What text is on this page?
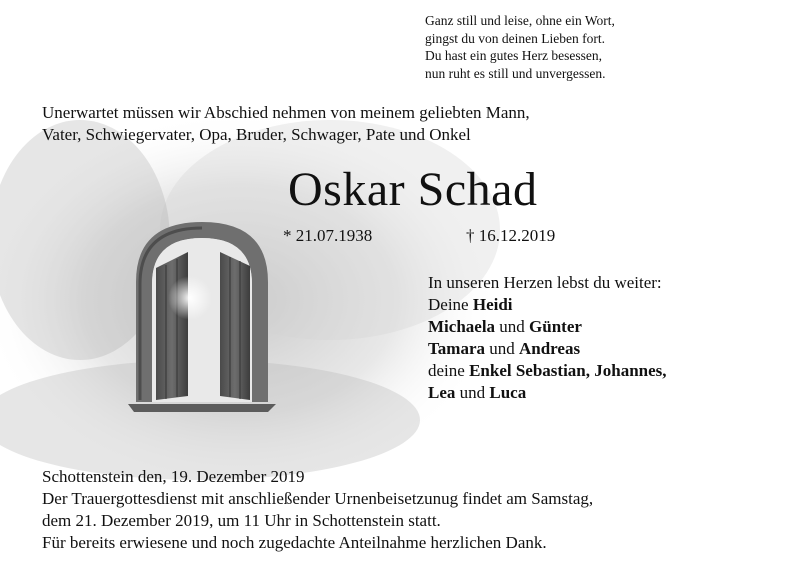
Ganz still und leise, ohne ein Wort,
gingst du von deinen Lieben fort.
Du hast ein gutes Herz besessen,
nun ruht es still und unvergessen.
Unerwartet müssen wir Abschied nehmen von meinem geliebten Mann,
Vater, Schwiegervater, Opa, Bruder, Schwager, Pate und Onkel
Oskar Schad
* 21.07.1938	† 16.12.2019
In unseren Herzen lebst du weiter:
Deine Heidi
Michaela und Günter
Tamara und Andreas
deine Enkel Sebastian, Johannes,
Lea und Luca
Schottenstein den, 19. Dezember 2019
Der Trauergottesdienst mit anschließender Urnenbeisetzunug findet am Samstag,
dem 21. Dezember 2019, um 11 Uhr in Schottenstein statt.
Für bereits erwiesene und noch zugedachte Anteilnahme herzlichen Dank.
